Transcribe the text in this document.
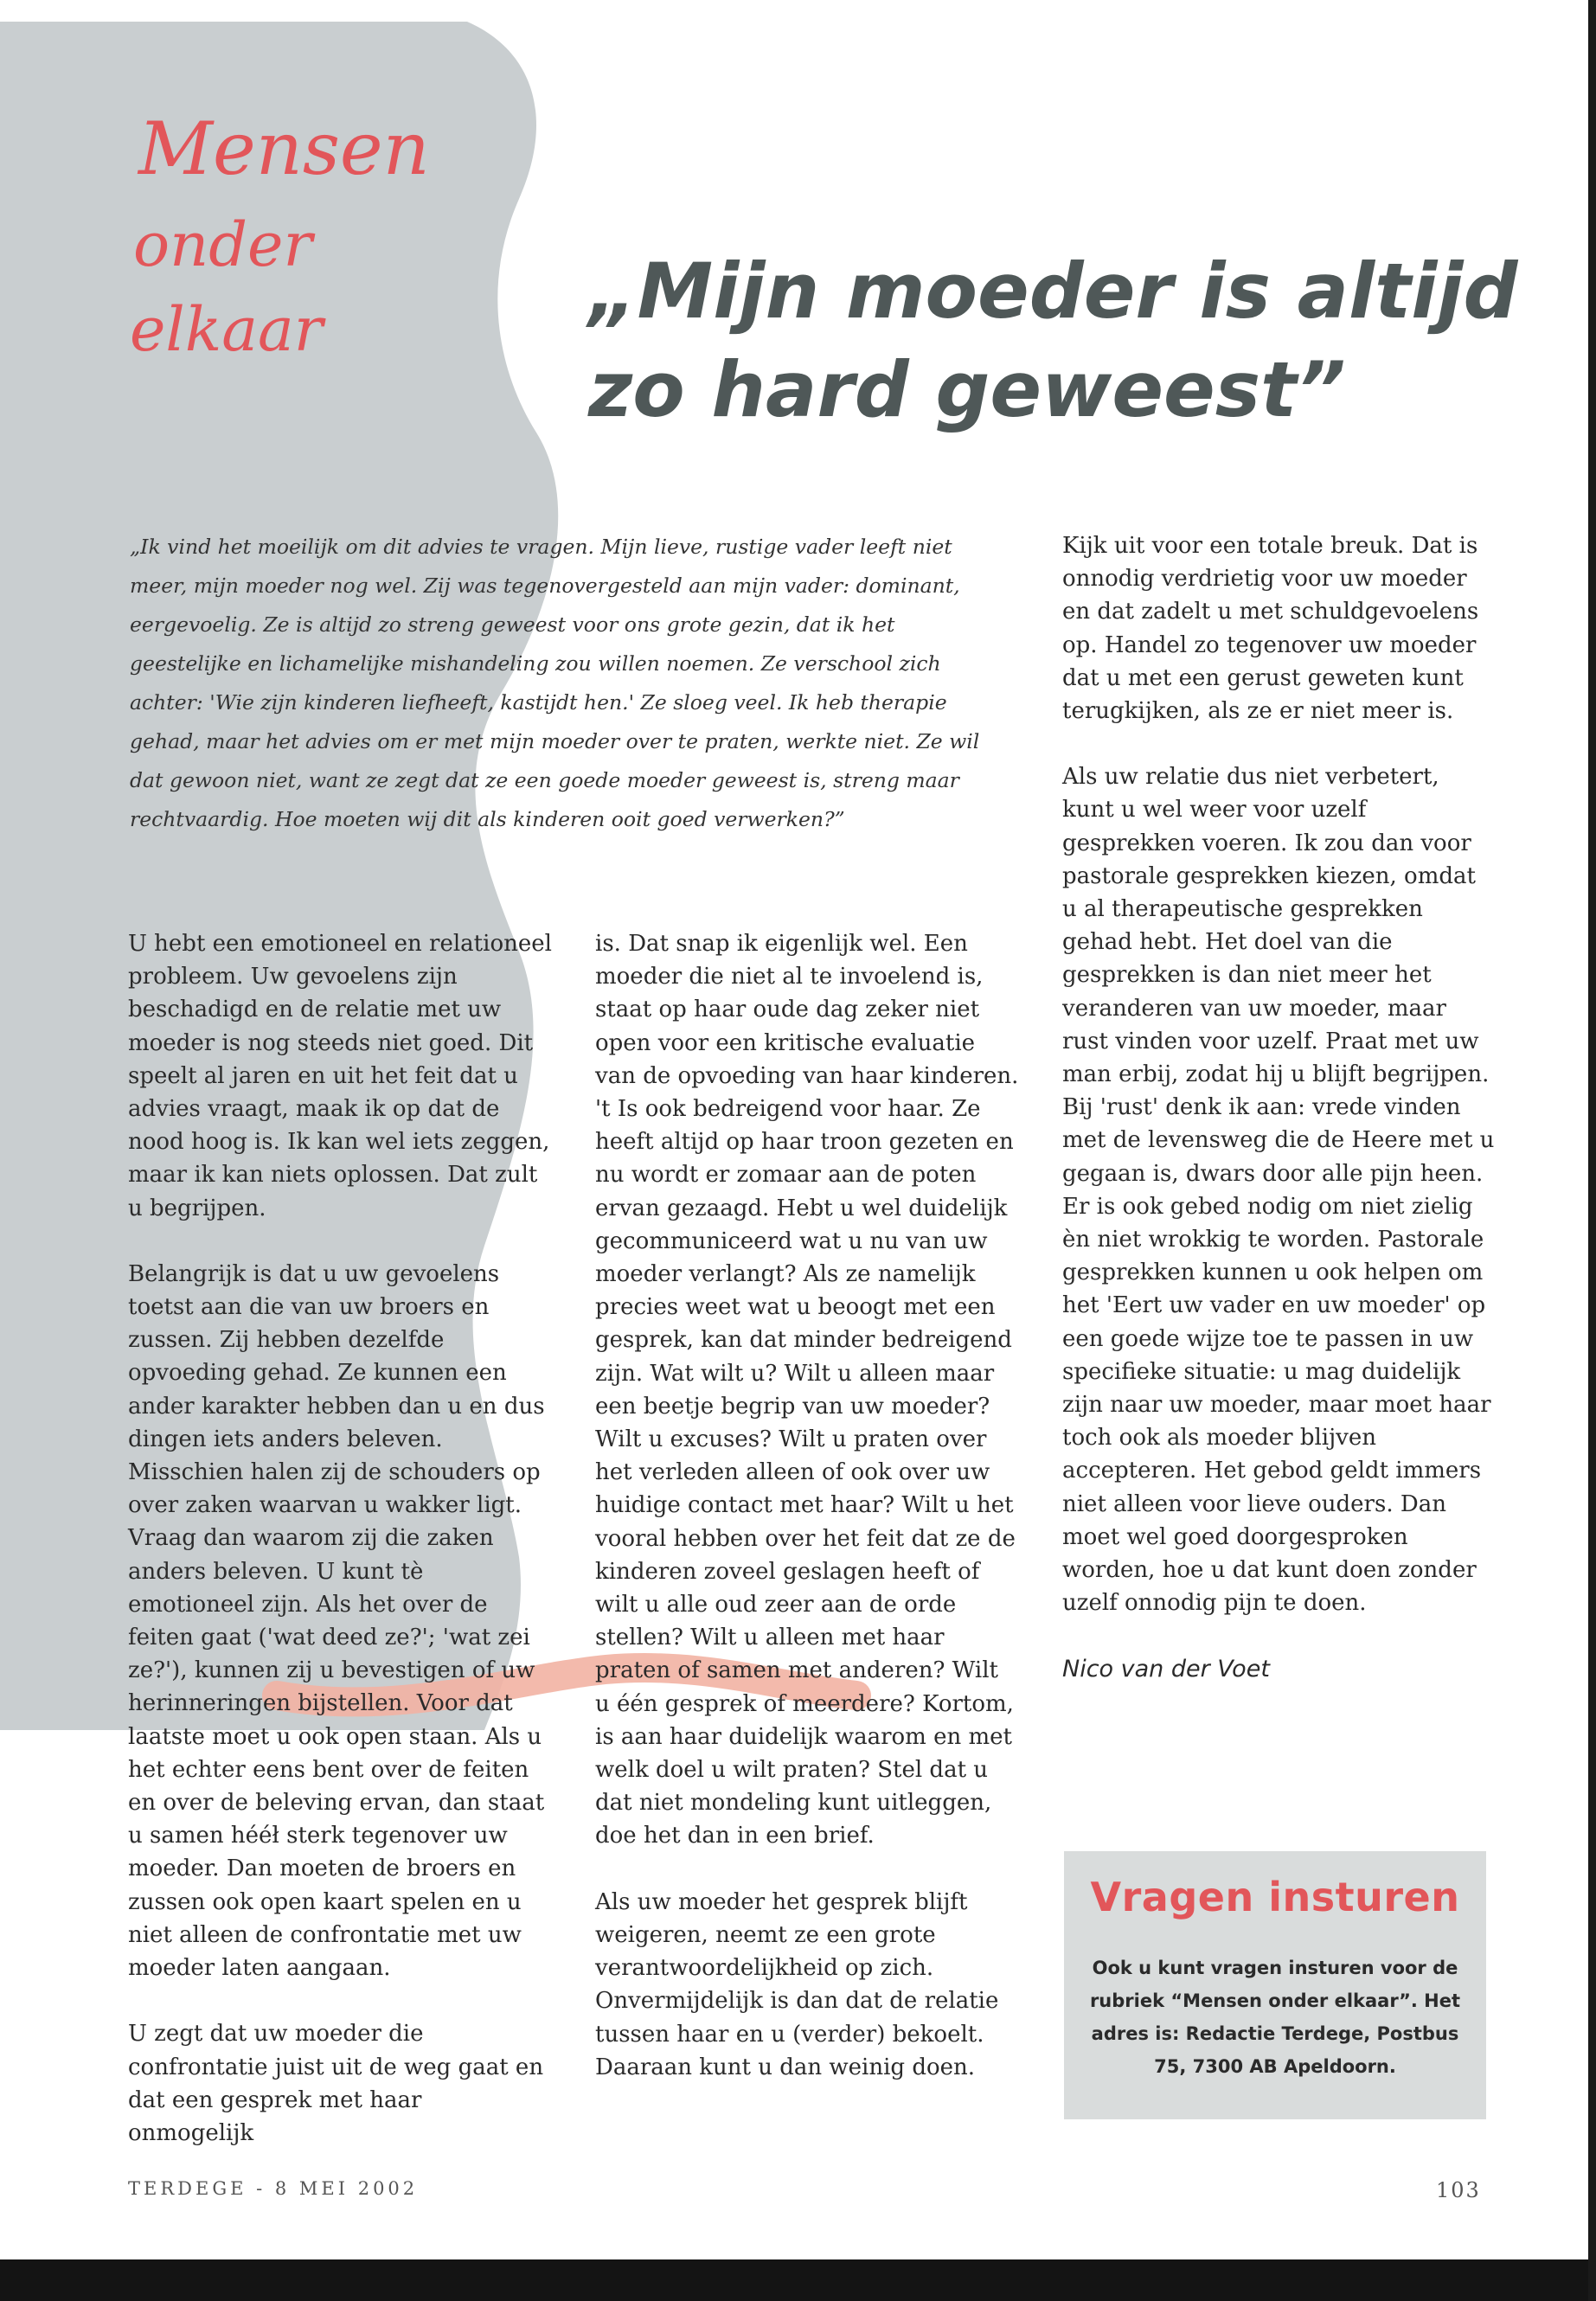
Mensen
onder
elkaar	„Mijn moeder is altijd
zo hard geweest”
„Ik vind het moeilijk om dit advies te vragen. Mijn lieve, rustige vader leeft niet meer, mijn moeder nog wel. Zij was tegenovergesteld aan mijn vader: dominant, eergevoelig. Ze is altijd zo streng geweest voor ons grote gezin, dat ik het geestelijke en lichamelijke mishandeling zou willen noemen. Ze verschool zich achter: 'Wie zijn kinderen liefheeft, kastijdt hen.' Ze sloeg veel. Ik heb therapie gehad, maar het advies om er met mijn moeder over te praten, werkte niet. Ze wil dat gewoon niet, want ze zegt dat ze een goede moeder geweest is, streng maar rechtvaardig. Hoe moeten wij dit als kinderen ooit goed verwerken?”

U hebt een emotioneel en relationeel probleem. Uw gevoelens zijn beschadigd en de relatie met uw moeder is nog steeds niet goed. Dit speelt al jaren en uit het feit dat u advies vraagt, maak ik op dat de nood hoog is. Ik kan wel iets zeggen, maar ik kan niets oplossen. Dat zult u begrijpen.

Belangrijk is dat u uw gevoelens toetst aan die van uw broers en zussen. Zij hebben dezelfde opvoeding gehad. Ze kunnen een ander karakter hebben dan u en dus dingen iets anders beleven. Misschien halen zij de schouders op over zaken waarvan u wakker ligt. Vraag dan waarom zij die zaken anders beleven. U kunt tè emotioneel zijn. Als het over de feiten gaat ('wat deed ze?'; 'wat zei ze?'), kunnen zij u bevestigen of uw herinneringen bijstellen. Voor dat laatste moet u ook open staan. Als u het echter eens bent over de feiten en over de beleving ervan, dan staat u samen hééł sterk tegenover uw moeder. Dan moeten de broers en zussen ook open kaart spelen en u niet alleen de confrontatie met uw moeder laten aangaan.

U zegt dat uw moeder die confrontatie juist uit de weg gaat en dat een gesprek met haar onmogelijk

is. Dat snap ik eigenlijk wel. Een moeder die niet al te invoelend is, staat op haar oude dag zeker niet open voor een kritische evaluatie van de opvoeding van haar kinderen. 't Is ook bedreigend voor haar. Ze heeft altijd op haar troon gezeten en nu wordt er zomaar aan de poten ervan gezaagd. Hebt u wel duidelijk gecommuniceerd wat u nu van uw moeder verlangt? Als ze namelijk precies weet wat u beoogt met een gesprek, kan dat minder bedreigend zijn. Wat wilt u? Wilt u alleen maar een beetje begrip van uw moeder? Wilt u excuses? Wilt u praten over het verleden alleen of ook over uw huidige contact met haar? Wilt u het vooral hebben over het feit dat ze de kinderen zoveel geslagen heeft of wilt u alle oud zeer aan de orde stellen? Wilt u alleen met haar praten of samen met anderen? Wilt u één gesprek of meerdere? Kortom, is aan haar duidelijk waarom en met welk doel u wilt praten? Stel dat u dat niet mondeling kunt uitleggen, doe het dan in een brief.

Als uw moeder het gesprek blijft weigeren, neemt ze een grote verantwoordelijkheid op zich. Onvermijdelijk is dan dat de relatie tussen haar en u (verder) bekoelt. Daaraan kunt u dan weinig doen.

Kijk uit voor een totale breuk. Dat is onnodig verdrietig voor uw moeder en dat zadelt u met schuldgevoelens op. Handel zo tegenover uw moeder dat u met een gerust geweten kunt terugkijken, als ze er niet meer is.

Als uw relatie dus niet verbetert, kunt u wel weer voor uzelf gesprekken voeren. Ik zou dan voor pastorale gesprekken kiezen, omdat u al therapeutische gesprekken gehad hebt. Het doel van die gesprekken is dan niet meer het veranderen van uw moeder, maar rust vinden voor uzelf. Praat met uw man erbij, zodat hij u blijft begrijpen. Bij 'rust' denk ik aan: vrede vinden met de levensweg die de Heere met u gegaan is, dwars door alle pijn heen. Er is ook gebed nodig om niet zielig èn niet wrokkig te worden. Pastorale gesprekken kunnen u ook helpen om het 'Eert uw vader en uw moeder' op een goede wijze toe te passen in uw specifieke situatie: u mag duidelijk zijn naar uw moeder, maar moet haar toch ook als moeder blijven accepteren. Het gebod geldt immers niet alleen voor lieve ouders. Dan moet wel goed doorgesproken worden, hoe u dat kunt doen zonder uzelf onnodig pijn te doen.

Nico van der Voet
Vragen insturen
Ook u kunt vragen insturen voor de rubriek “Mensen onder elkaar”. Het adres is: Redactie Terdege, Postbus 75, 7300 AB Apeldoorn.
TERDEGE - 8 MEI 2002	103
